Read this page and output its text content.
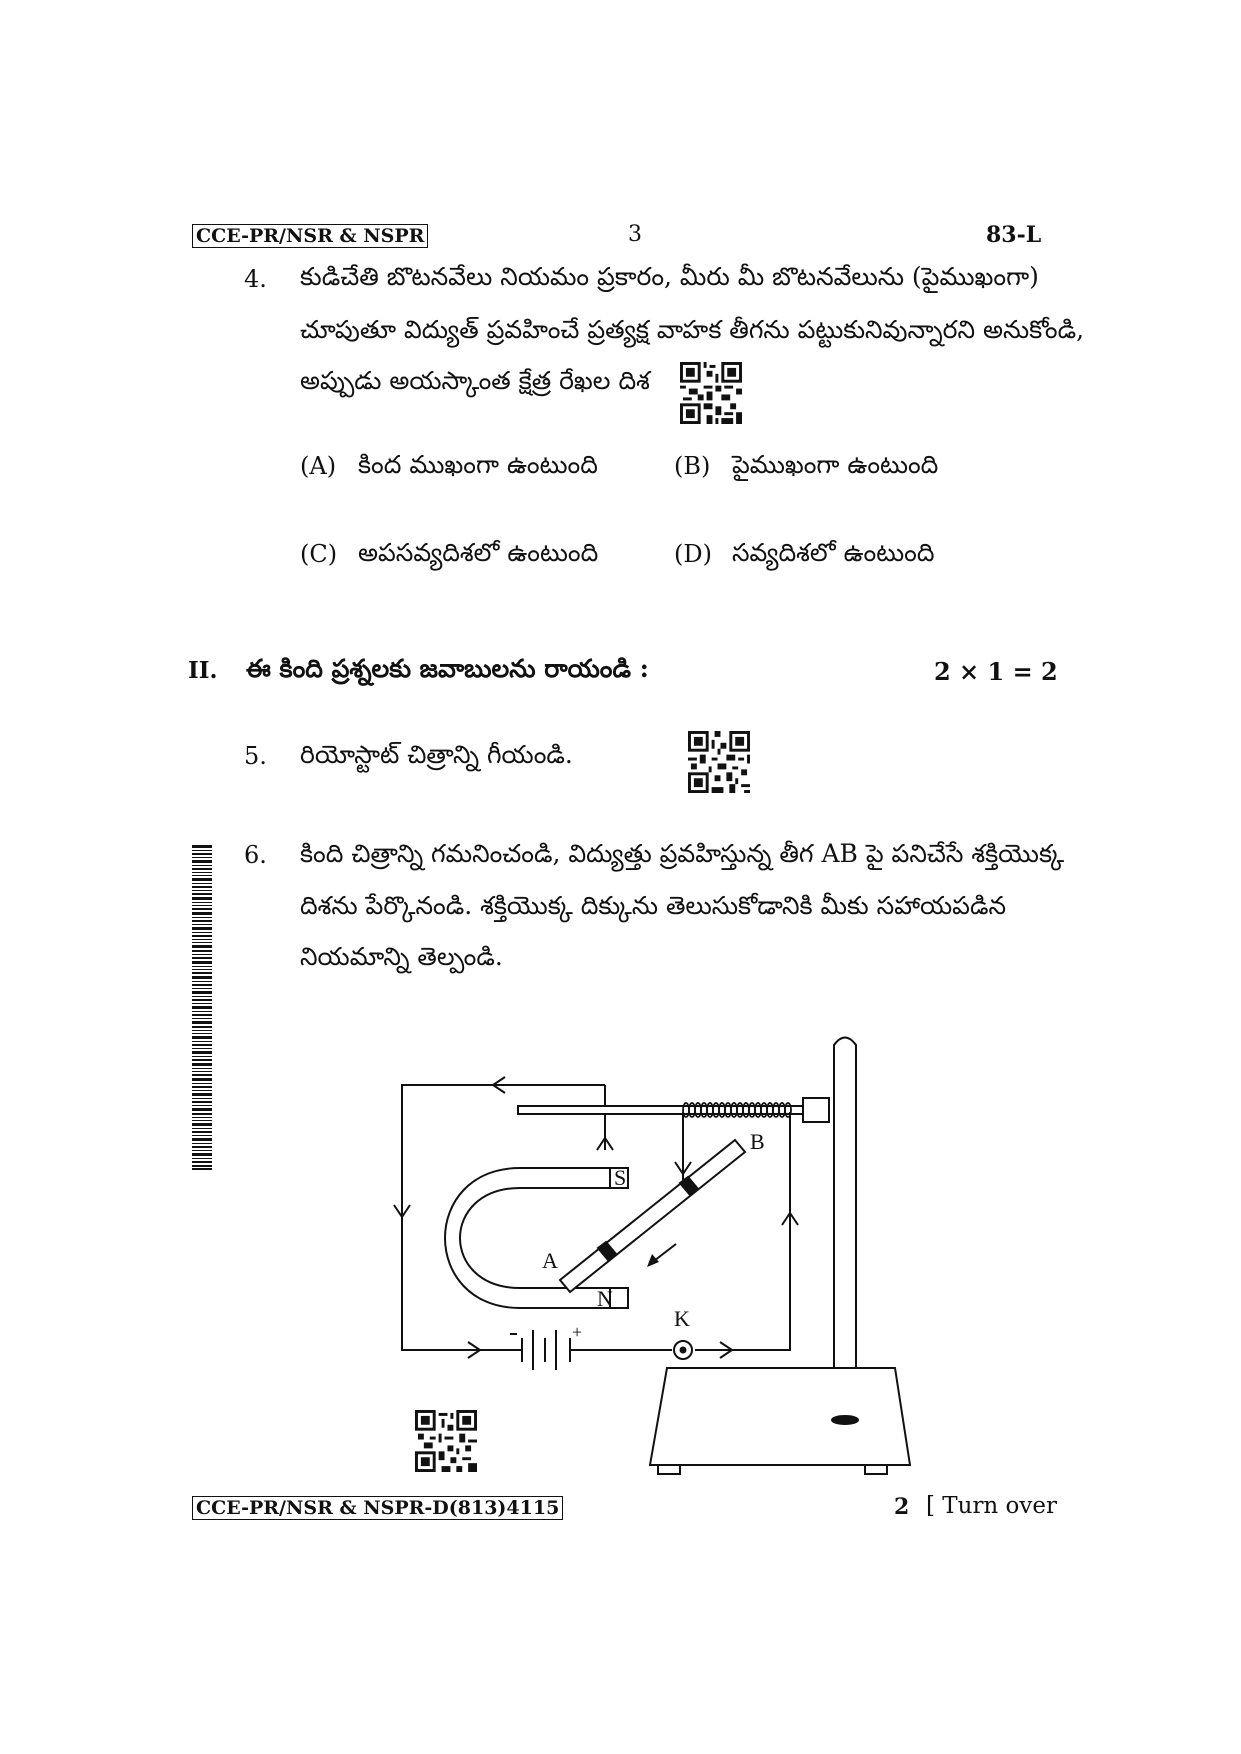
CCE-PR/NSR & NSPR	3	83-L
4. కుడిచేతి బొటనవేలు నియమం ప్రకారం, మీరు మీ బొటనవేలును (పైముఖంగా)
చూపుతూ విద్యుత్ ప్రవహించే ప్రత్యక్ష వాహక తీగను పట్టుకునివున్నారని అనుకోండి,
అప్పుడు అయస్కాంత క్షేత్ర రేఖల దిశ
(A) కింద ముఖంగా ఉంటుంది	(B) పైముఖంగా ఉంటుంది
(C) అపసవ్యదిశలో ఉంటుంది	(D) సవ్యదిశలో ఉంటుంది
II. ఈ కింది ప్రశ్నలకు జవాబులను రాయండి :	2 × 1 = 2
5. రియోస్టాట్ చిత్రాన్ని గీయండి.
6. కింది చిత్రాన్ని గమనించండి, విద్యుత్తు ప్రవహిస్తున్న తీగ AB పై పనిచేసే శక్తియొక్క
దిశను పేర్కొనండి. శక్తియొక్క దిక్కును తెలుసుకోడానికి మీకు సహాయపడిన
నియమాన్ని తెల్పండి.
B
S
A
N
K
+
CCE-PR/NSR & NSPR-D(813)4115	2 [ Turn over
